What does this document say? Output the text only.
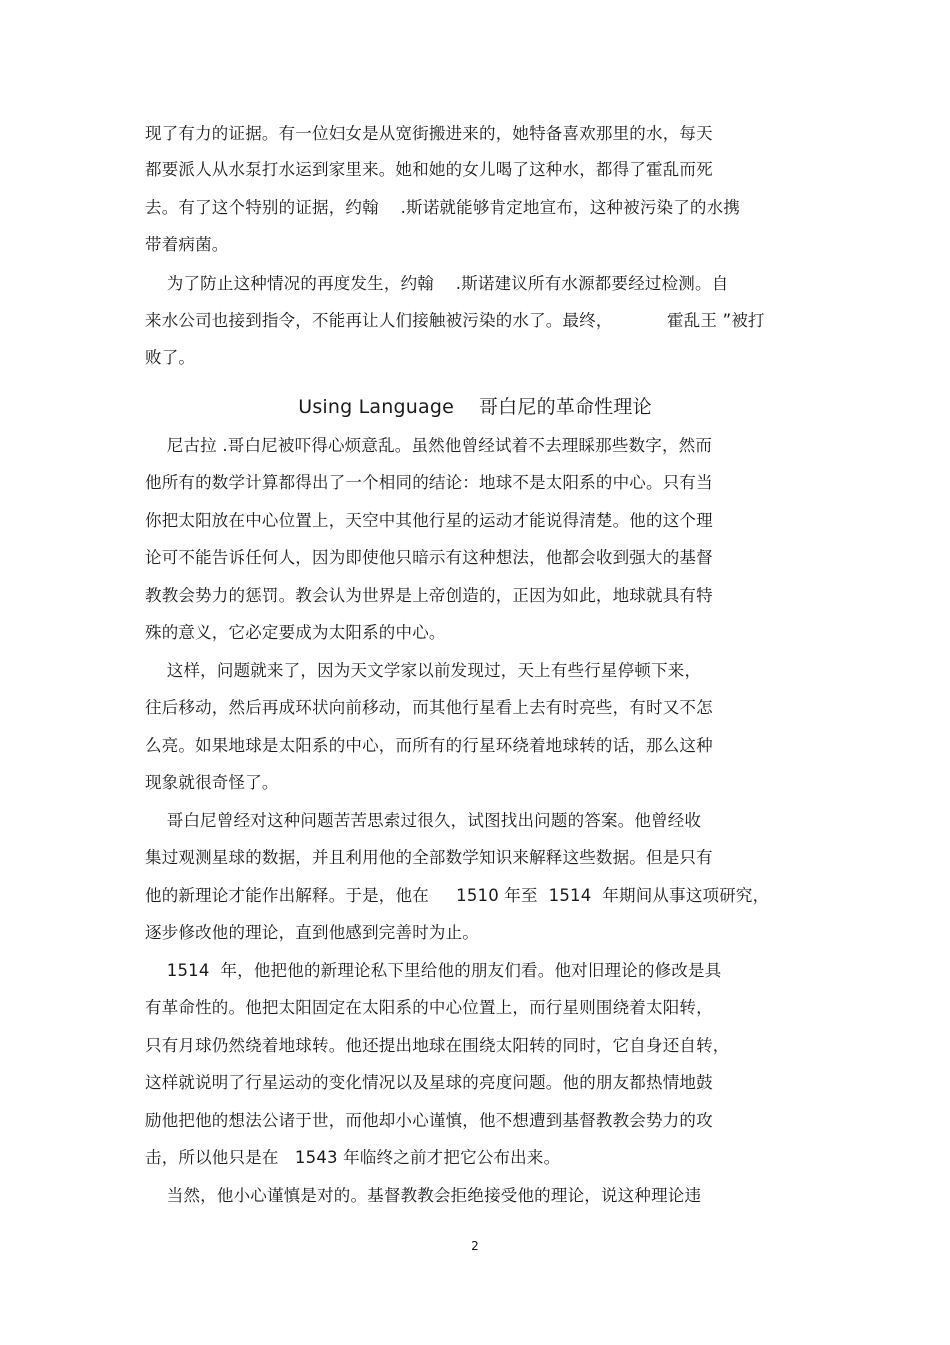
现了有力的证据。有一位妇女是从宽街搬进来的，她特备喜欢那里的水，每天
都要派人从水泵打水运到家里来。她和她的女儿喝了这种水，都得了霍乱而死
去。有了这个特别的证据，约翰    .斯诺就能够肯定地宣布，这种被污染了的水携
带着病菌。
为了防止这种情况的再度发生，约翰    .斯诺建议所有水源都要经过检测。自
来水公司也接到指令，不能再让人们接触被污染的水了。最终，          霍乱王 ”被打
败了。
Using Language    哥白尼的革命性理论
尼古拉 .哥白尼被吓得心烦意乱。虽然他曾经试着不去理睬那些数字，然而
他所有的数学计算都得出了一个相同的结论：地球不是太阳系的中心。只有当
你把太阳放在中心位置上，天空中其他行星的运动才能说得清楚。他的这个理
论可不能告诉任何人，因为即使他只暗示有这种想法，他都会收到强大的基督
教教会势力的惩罚。教会认为世界是上帝创造的，正因为如此，地球就具有特
殊的意义，它必定要成为太阳系的中心。
这样，问题就来了，因为天文学家以前发现过，天上有些行星停顿下来，
往后移动，然后再成环状向前移动，而其他行星看上去有时亮些，有时又不怎
么亮。如果地球是太阳系的中心，而所有的行星环绕着地球转的话，那么这种
现象就很奇怪了。
哥白尼曾经对这种问题苦苦思索过很久，试图找出问题的答案。他曾经收
集过观测星球的数据，并且利用他的全部数学知识来解释这些数据。但是只有
他的新理论才能作出解释。于是，他在     1510 年至  1514  年期间从事这项研究，
逐步修改他的理论，直到他感到完善时为止。
1514  年，他把他的新理论私下里给他的朋友们看。他对旧理论的修改是具
有革命性的。他把太阳固定在太阳系的中心位置上，而行星则围绕着太阳转，
只有月球仍然绕着地球转。他还提出地球在围绕太阳转的同时，它自身还自转，
这样就说明了行星运动的变化情况以及星球的亮度问题。他的朋友都热情地鼓
励他把他的想法公诸于世，而他却小心谨慎，他不想遭到基督教教会势力的攻
击，所以他只是在   1543 年临终之前才把它公布出来。
当然，他小心谨慎是对的。基督教教会拒绝接受他的理论，说这种理论违
2
